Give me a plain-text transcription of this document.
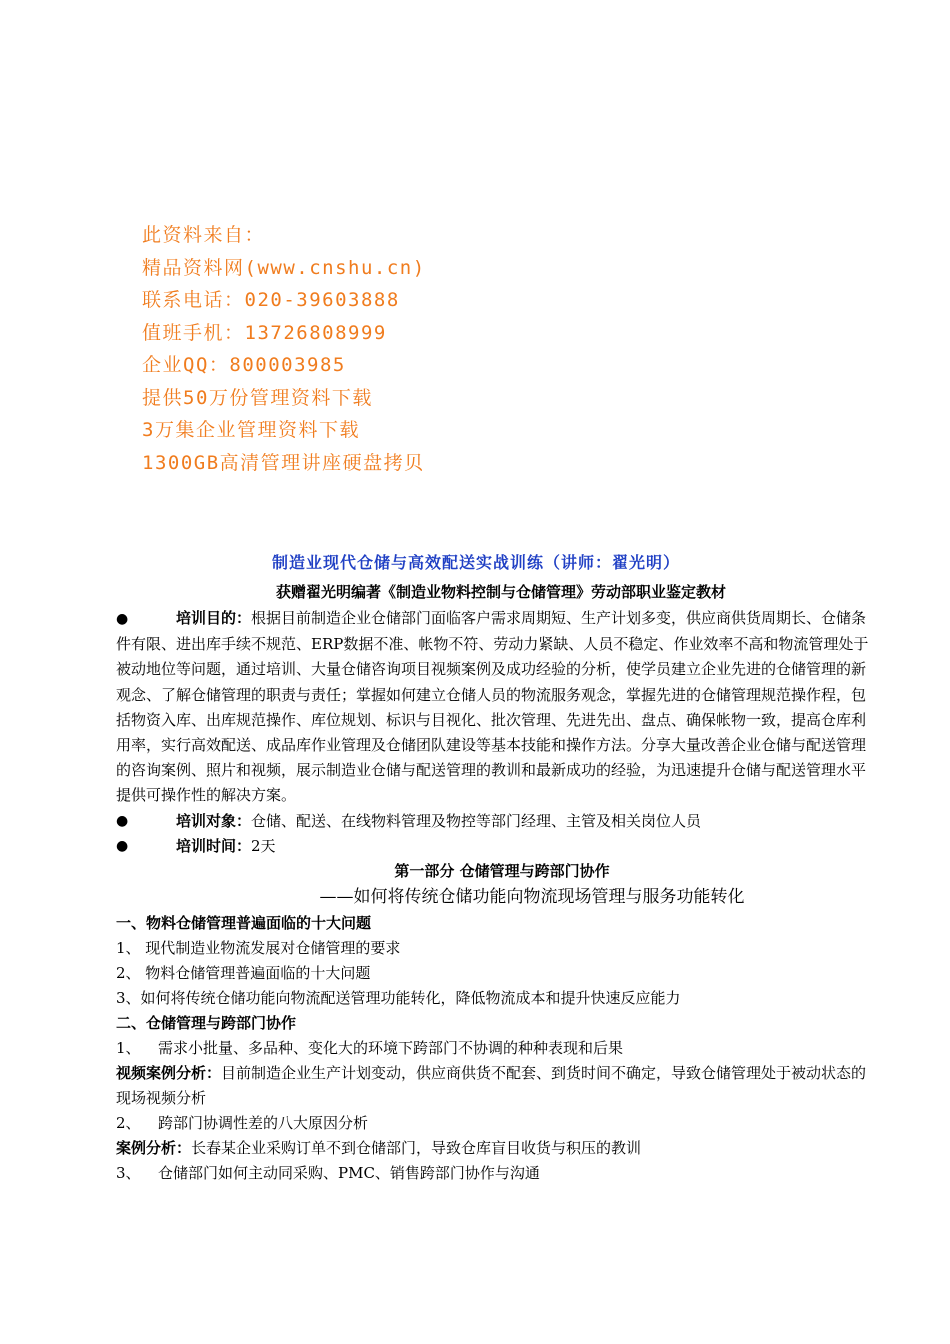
此资料来自：
精品资料网(www.cnshu.cn)
联系电话：020-39603888
值班手机：13726808999
企业QQ：800003985
提供50万份管理资料下载
3万集企业管理资料下载
1300GB高清管理讲座硬盘拷贝
制造业现代仓储与高效配送实战训练（讲师：翟光明）
获赠翟光明编著《制造业物料控制与仓储管理》劳动部职业鉴定教材
●	培训目的：根据目前制造企业仓储部门面临客户需求周期短、生产计划多变，供应商供货周期长、仓储条件有限、进出库手续不规范、ERP数据不准、帐物不符、劳动力紧缺、人员不稳定、作业效率不高和物流管理处于被动地位等问题，通过培训、大量仓储咨询项目视频案例及成功经验的分析，使学员建立企业先进的仓储管理的新观念、了解仓储管理的职责与责任；掌握如何建立仓储人员的物流服务观念，掌握先进的仓储管理规范操作程，包括物资入库、出库规范操作、库位规划、标识与目视化、批次管理、先进先出、盘点、确保帐物一致，提高仓库利用率，实行高效配送、成品库作业管理及仓储团队建设等基本技能和操作方法。分享大量改善企业仓储与配送管理的咨询案例、照片和视频，展示制造业仓储与配送管理的教训和最新成功的经验，为迅速提升仓储与配送管理水平提供可操作性的解决方案。
●	培训对象：仓储、配送、在线物料管理及物控等部门经理、主管及相关岗位人员
●	培训时间：2天
第一部分 仓储管理与跨部门协作
——如何将传统仓储功能向物流现场管理与服务功能转化
一、物料仓储管理普遍面临的十大问题
1、 现代制造业物流发展对仓储管理的要求
2、 物料仓储管理普遍面临的十大问题
3、如何将传统仓储功能向物流配送管理功能转化，降低物流成本和提升快速反应能力
二、仓储管理与跨部门协作
1、 需求小批量、多品种、变化大的环境下跨部门不协调的种种表现和后果
视频案例分析：目前制造企业生产计划变动，供应商供货不配套、到货时间不确定，导致仓储管理处于被动状态的现场视频分析
2、 跨部门协调性差的八大原因分析
案例分析：长春某企业采购订单不到仓储部门，导致仓库盲目收货与积压的教训
3、 仓储部门如何主动同采购、PMC、销售跨部门协作与沟通
